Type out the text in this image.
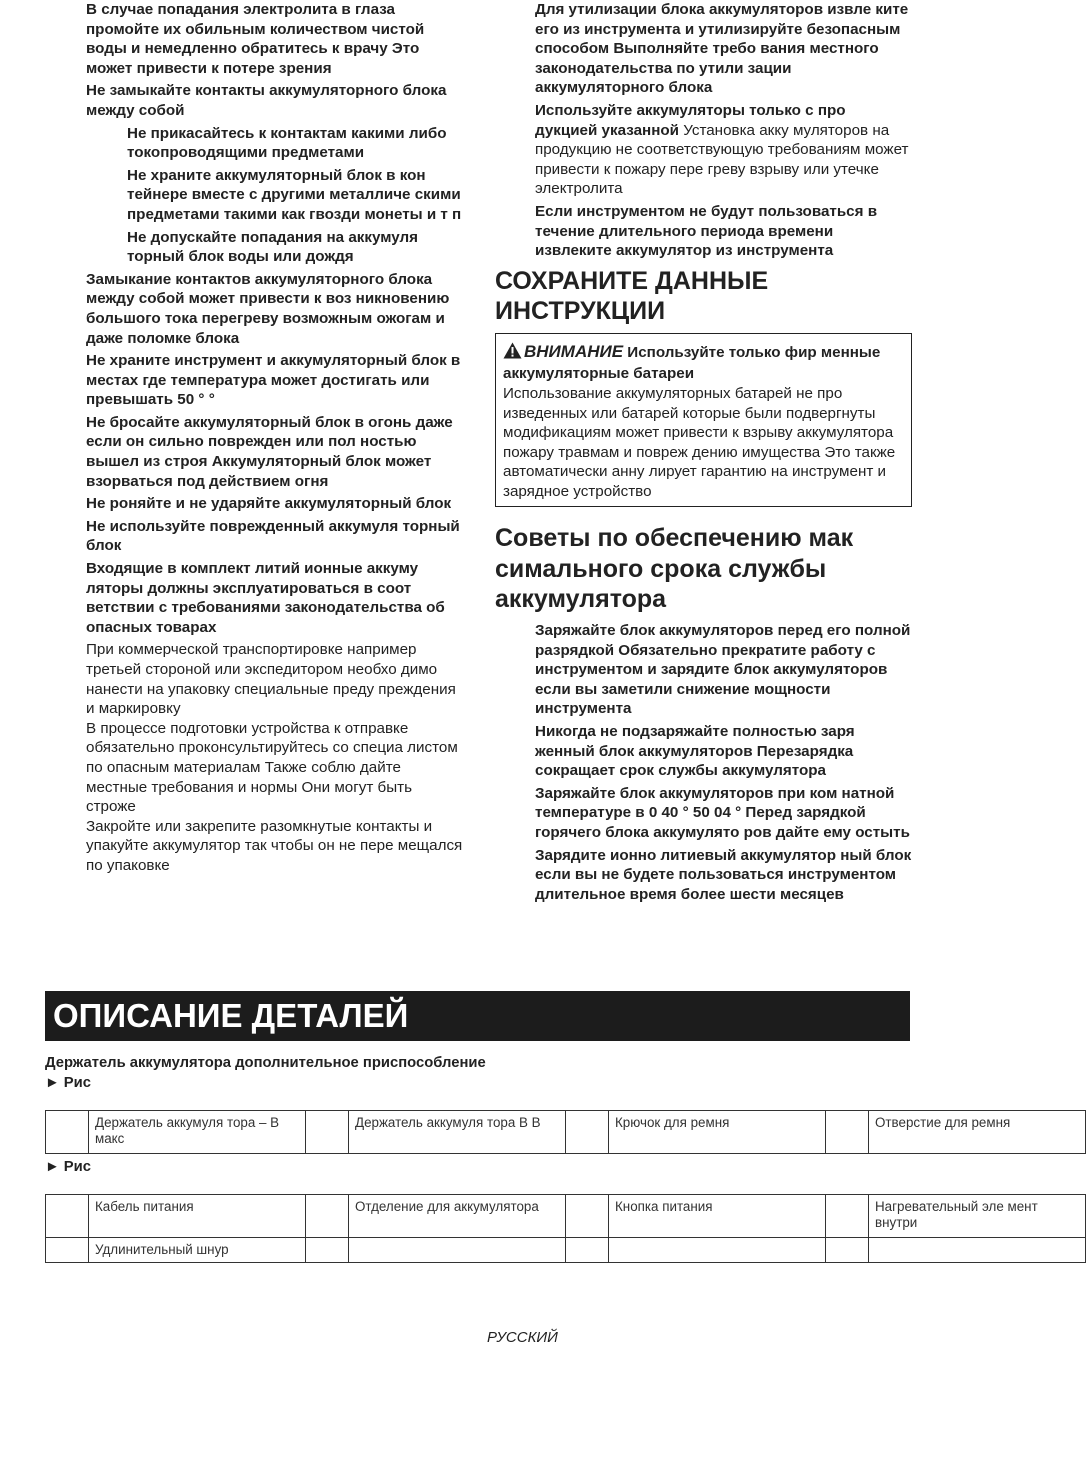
В случае попадания электролита в глаза промойте их обильным количеством чистой воды и немедленно обратитесь к врачу Это может привести к потере зрения

Не замыкайте контакты аккумуляторного блока между собой

Не прикасайтесь к контактам какими либо токопроводящими предметами

Не храните аккумуляторный блок в кон тейнере вместе с другими металличе скими предметами такими как гвозди монеты и т п

Не допускайте попадания на аккумуля торный блок воды или дождя

Замыкание контактов аккумуляторного блока между собой может привести к воз никновению большого тока перегреву возможным ожогам и даже поломке блока

Не храните инструмент и аккумуляторный блок в местах где температура может достигать или превышать 50 ° °

Не бросайте аккумуляторный блок в огонь даже если он сильно поврежден или пол ностью вышел из строя Аккумуляторный блок может взорваться под действием огня

Не роняйте и не ударяйте аккумуляторный блок

Не используйте поврежденный аккумуля торный блок

Входящие в комплект литий ионные аккуму ляторы должны эксплуатироваться в соот ветствии с требованиями законодательства об опасных товарах

При коммерческой транспортировке например третьей стороной или экспедитором необхо димо нанести на упаковку специальные преду преждения и маркировку

В процессе подготовки устройства к отправке обязательно проконсультируйтесь со специа листом по опасным материалам Также соблю дайте местные требования и нормы Они могут быть строже

Закройте или закрепите разомкнутые контакты и упакуйте аккумулятор так чтобы он не пере мещался по упаковке

Для утилизации блока аккумуляторов извле ките его из инструмента и утилизируйте безопасным способом Выполняйте требо вания местного законодательства по утили зации аккумуляторного блока

Используйте аккумуляторы только с про дукцией указанной Установка акку муляторов на продукцию не соответствующую требованиям может привести к пожару пере греву взрыву или утечке электролита

Если инструментом не будут пользоваться в течение длительного периода времени извлеките аккумулятор из инструмента

СОХРАНИТЕ ДАННЫЕ ИНСТРУКЦИИ

ВНИМАНИЕ Используйте только фир менные аккумуляторные батареи

Использование аккумуляторных батарей не про изведенных или батарей которые были подвергнуты модификациям может привести к взрыву аккумулятора пожару травмам и повреж дению имущества Это также автоматически анну лирует гарантию на инструмент и зарядное устройство

Советы по обеспечению мак симального срока службы аккумулятора

Заряжайте блок аккумуляторов перед его полной разрядкой Обязательно прекратите работу с инструментом и зарядите блок аккумуляторов если вы заметили снижение мощности инструмента

Никогда не подзаряжайте полностью заря женный блок аккумуляторов Перезарядка сокращает срок службы аккумулятора

Заряжайте блок аккумуляторов при ком натной температуре в 0 40 ° 50 04 ° Перед зарядкой горячего блока аккумулято ров дайте ему остыть

Зарядите ионно литиевый аккумулятор ный блок если вы не будете пользоваться инструментом длительное время более шести месяцев

ОПИСАНИЕ ДЕТАЛЕЙ
Держатель аккумулятора дополнительное приспособление
► Рис
	Держатель аккумуля тора – В макс		Держатель аккумуля тора В В		Крючок для ремня		Отверстие для ремня
► Рис
	Кабель питания		Отделение для аккумулятора		Кнопка питания		Нагревательный эле мент внутри
	Удлинительный шнур						
РУССКИЙ
